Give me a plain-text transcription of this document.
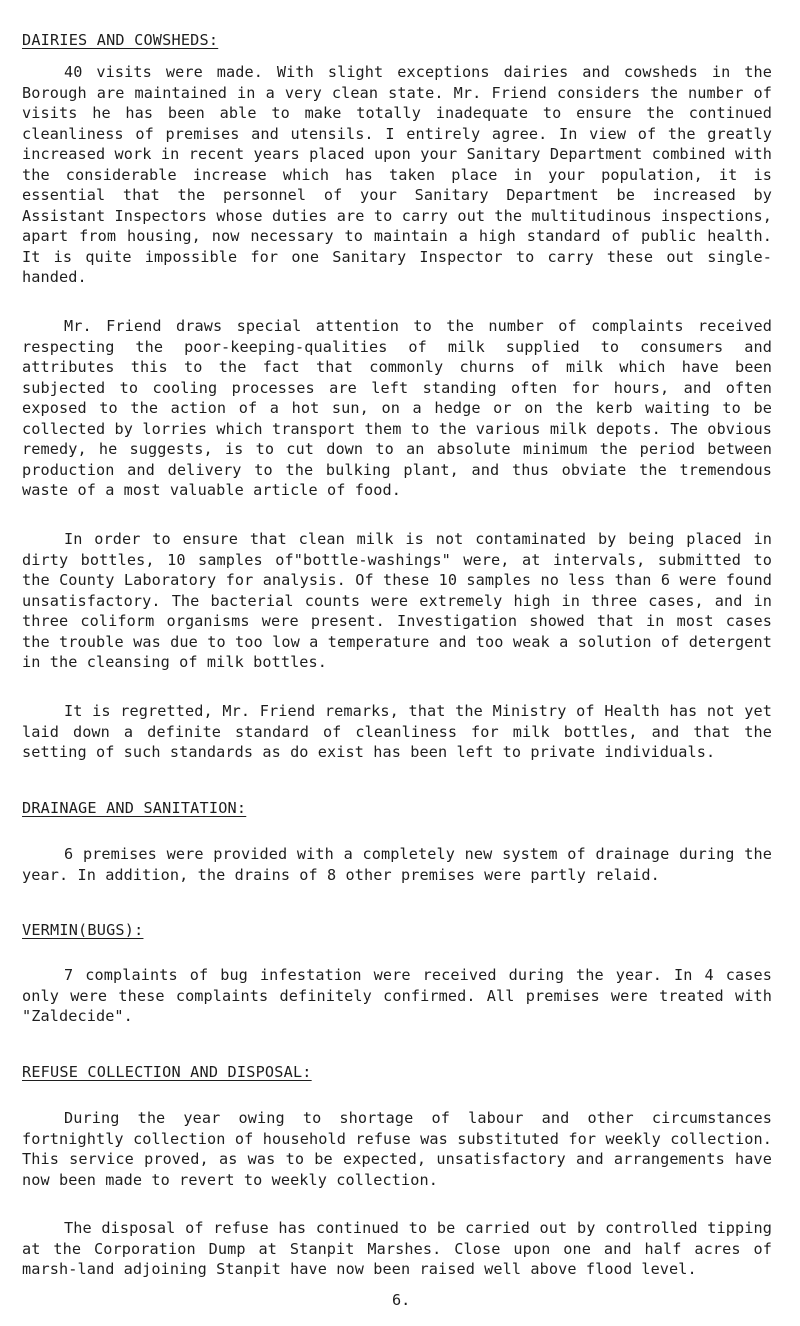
DAIRIES AND COWSHEDS:

40 visits were made. With slight exceptions dairies and cowsheds in the Borough are maintained in a very clean state. Mr. Friend considers the number of visits he has been able to make totally inadequate to ensure the continued cleanliness of premises and utensils. I entirely agree. In view of the greatly increased work in recent years placed upon your Sanitary Department combined with the considerable increase which has taken place in your population, it is essential that the personnel of your Sanitary Department be increased by Assistant Inspectors whose duties are to carry out the multitudinous inspections, apart from housing, now necessary to maintain a high standard of public health. It is quite impossible for one Sanitary Inspector to carry these out single-handed.

Mr. Friend draws special attention to the number of complaints received respecting the poor-keeping-qualities of milk supplied to consumers and attributes this to the fact that commonly churns of milk which have been subjected to cooling processes are left standing often for hours, and often exposed to the action of a hot sun, on a hedge or on the kerb waiting to be collected by lorries which transport them to the various milk depots. The obvious remedy, he suggests, is to cut down to an absolute minimum the period between production and delivery to the bulking plant, and thus obviate the tremendous waste of a most valuable article of food.

In order to ensure that clean milk is not contaminated by being placed in dirty bottles, 10 samples of"bottle-washings" were, at intervals, submitted to the County Laboratory for analysis. Of these 10 samples no less than 6 were found unsatisfactory. The bacterial counts were extremely high in three cases, and in three coliform organisms were present. Investigation showed that in most cases the trouble was due to too low a temperature and too weak a solution of detergent in the cleansing of milk bottles.

It is regretted, Mr. Friend remarks, that the Ministry of Health has not yet laid down a definite standard of cleanliness for milk bottles, and that the setting of such standards as do exist has been left to private individuals.

DRAINAGE AND SANITATION:

6 premises were provided with a completely new system of drainage during the year. In addition, the drains of 8 other premises were partly relaid.

VERMIN(BUGS):

7 complaints of bug infestation were received during the year. In 4 cases only were these complaints definitely confirmed. All premises were treated with "Zaldecide".

REFUSE COLLECTION AND DISPOSAL:

During the year owing to shortage of labour and other circumstances fortnightly collection of household refuse was substituted for weekly collection. This service proved, as was to be expected, unsatisfactory and arrangements have now been made to revert to weekly collection.

The disposal of refuse has continued to be carried out by controlled tipping at the Corporation Dump at Stanpit Marshes. Close upon one and half acres of marsh-land adjoining Stanpit have now been raised well above flood level.

6.
